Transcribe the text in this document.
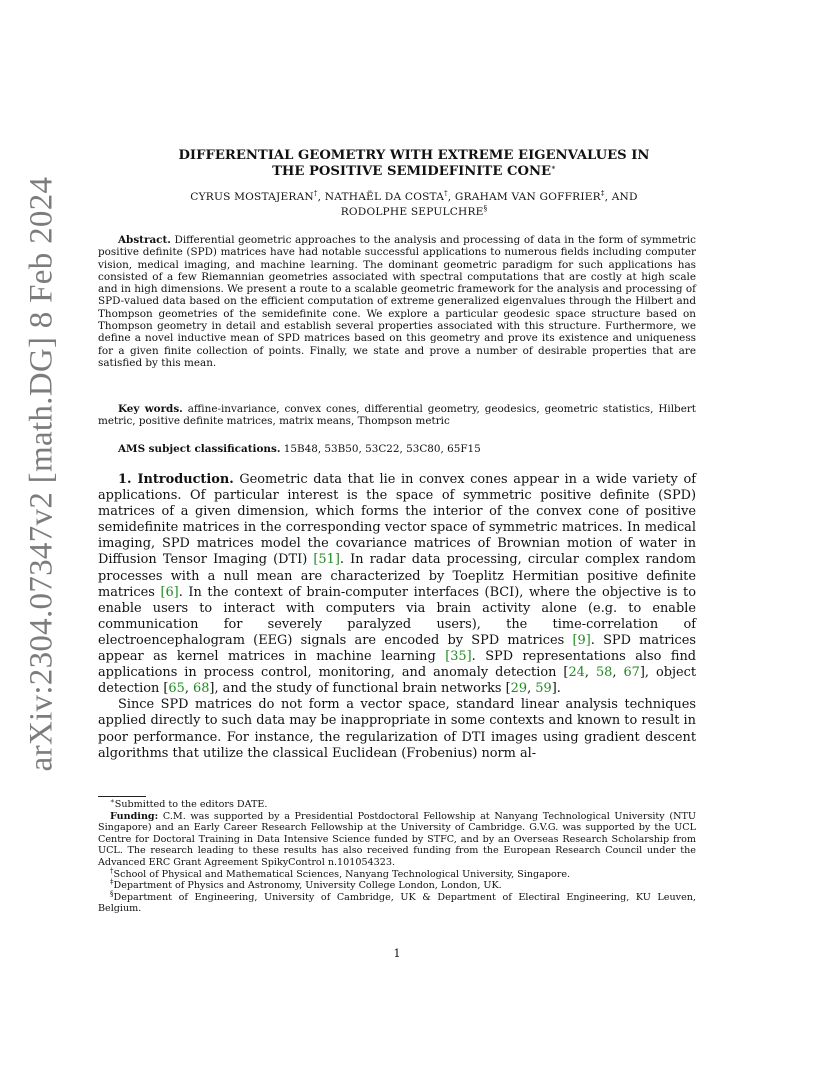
arXiv:2304.07347v2 [math.DG] 8 Feb 2024
DIFFERENTIAL GEOMETRY WITH EXTREME EIGENVALUES IN
THE POSITIVE SEMIDEFINITE CONE∗
CYRUS MOSTAJERAN†, NATHAËL DA COSTA†, GRAHAM VAN GOFFRIER‡, AND
RODOLPHE SEPULCHRE§

Abstract. Differential geometric approaches to the analysis and processing of data in the form of symmetric positive definite (SPD) matrices have had notable successful applications to numerous fields including computer vision, medical imaging, and machine learning. The dominant geometric paradigm for such applications has consisted of a few Riemannian geometries associated with spectral computations that are costly at high scale and in high dimensions. We present a route to a scalable geometric framework for the analysis and processing of SPD-valued data based on the efficient computation of extreme generalized eigenvalues through the Hilbert and Thompson geometries of the semidefinite cone. We explore a particular geodesic space structure based on Thompson geometry in detail and establish several properties associated with this structure. Furthermore, we define a novel inductive mean of SPD matrices based on this geometry and prove its existence and uniqueness for a given finite collection of points. Finally, we state and prove a number of desirable properties that are satisfied by this mean.

Key words. affine-invariance, convex cones, differential geometry, geodesics, geometric statistics, Hilbert metric, positive definite matrices, matrix means, Thompson metric
AMS subject classifications. 15B48, 53B50, 53C22, 53C80, 65F15

1. Introduction. Geometric data that lie in convex cones appear in a wide variety of applications. Of particular interest is the space of symmetric positive definite (SPD) matrices of a given dimension, which forms the interior of the convex cone of positive semidefinite matrices in the corresponding vector space of symmetric matrices. In medical imaging, SPD matrices model the covariance matrices of Brownian motion of water in Diffusion Tensor Imaging (DTI) [51]. In radar data processing, circular complex random processes with a null mean are characterized by Toeplitz Hermitian positive definite matrices [6]. In the context of brain-computer interfaces (BCI), where the objective is to enable users to interact with computers via brain activity alone (e.g. to enable communication for severely paralyzed users), the time-correlation of electroencephalogram (EEG) signals are encoded by SPD matrices [9]. SPD matrices appear as kernel matrices in machine learning [35]. SPD representations also find applications in process control, monitoring, and anomaly detection [24, 58, 67], object detection [65, 68], and the study of functional brain networks [29, 59].

Since SPD matrices do not form a vector space, standard linear analysis techniques applied directly to such data may be inappropriate in some contexts and known to result in poor performance. For instance, the regularization of DTI images using gradient descent algorithms that utilize the classical Euclidean (Frobenius) norm al-

∗Submitted to the editors DATE.

Funding: C.M. was supported by a Presidential Postdoctoral Fellowship at Nanyang Technological University (NTU Singapore) and an Early Career Research Fellowship at the University of Cambridge. G.V.G. was supported by the UCL Centre for Doctoral Training in Data Intensive Science funded by STFC, and by an Overseas Research Scholarship from UCL. The research leading to these results has also received funding from the European Research Council under the Advanced ERC Grant Agreement SpikyControl n.101054323.

†School of Physical and Mathematical Sciences, Nanyang Technological University, Singapore.

‡Department of Physics and Astronomy, University College London, London, UK.

§Department of Engineering, University of Cambridge, UK & Department of Electiral Engineering, KU Leuven, Belgium.

1
